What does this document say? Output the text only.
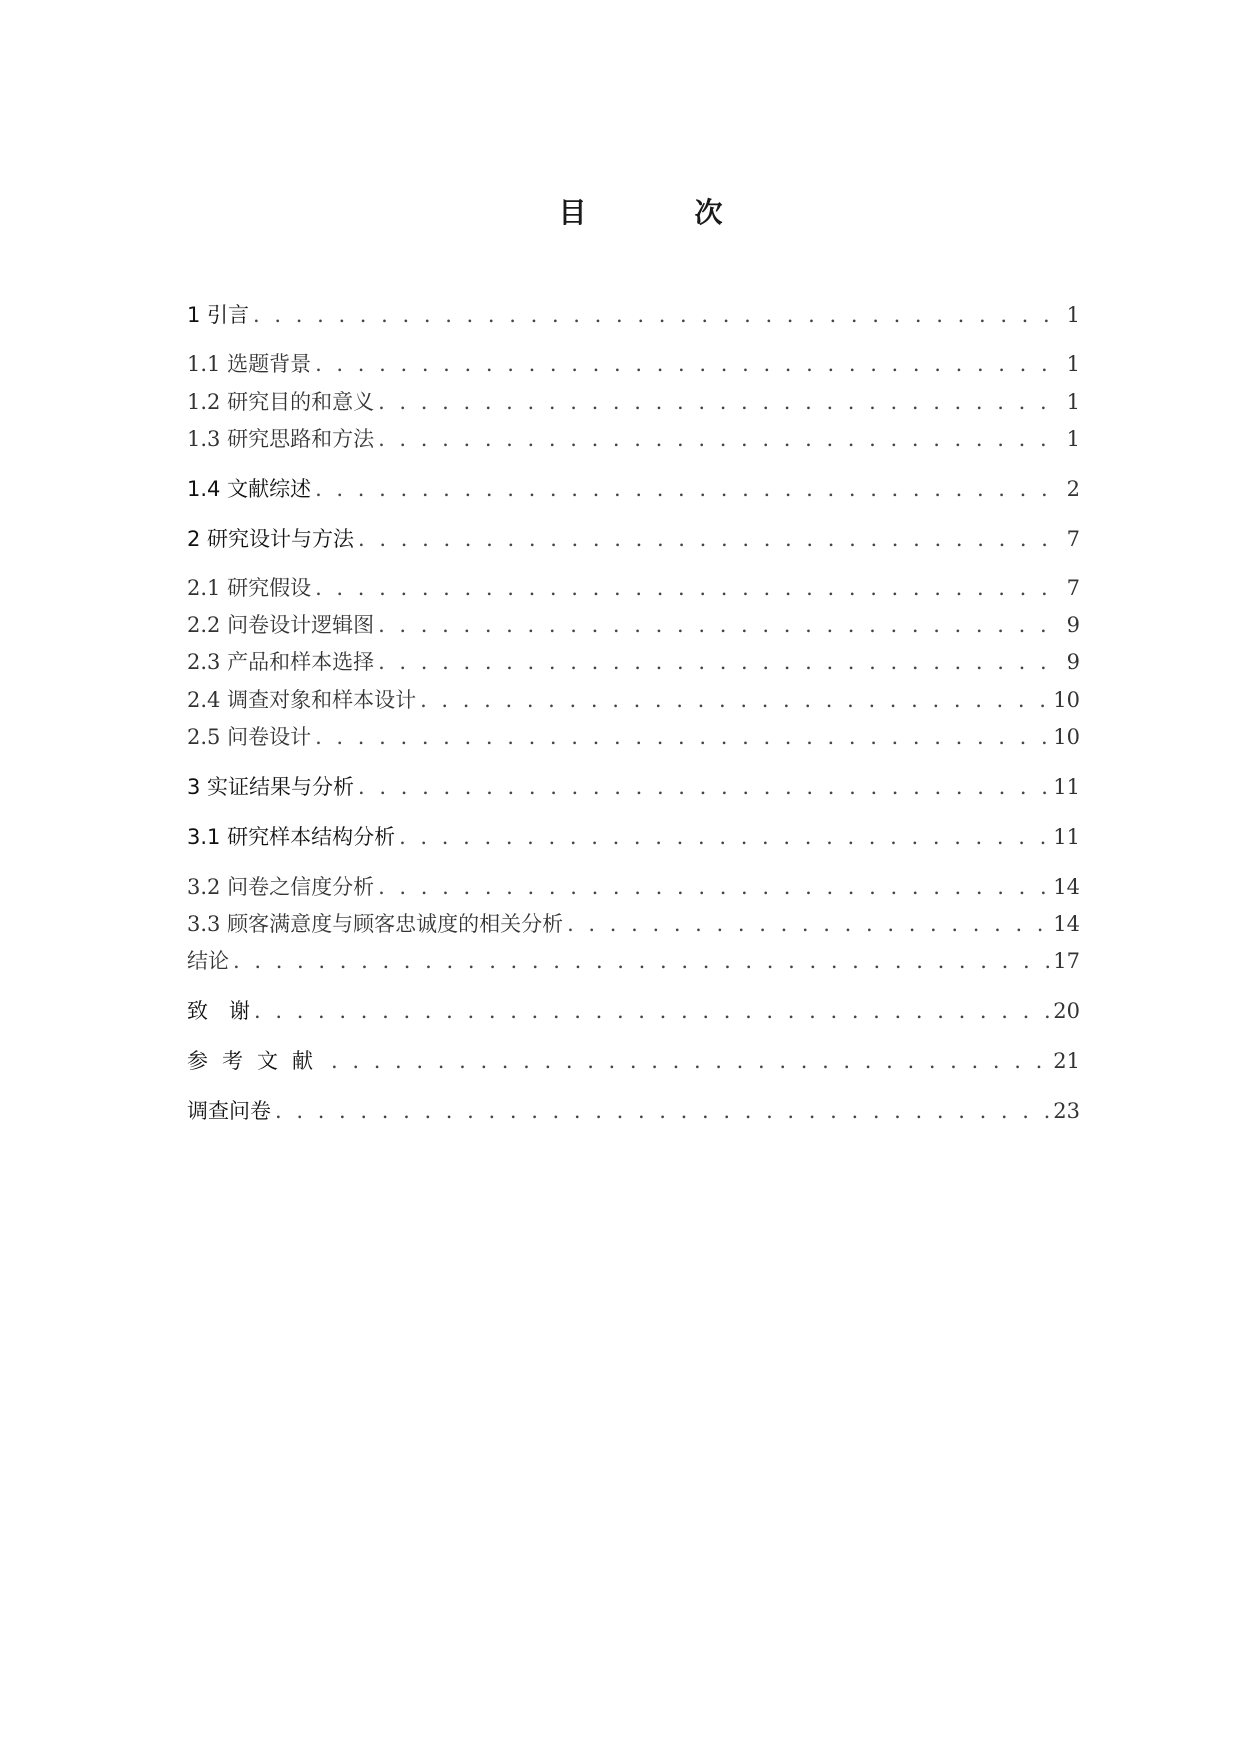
目　次
1 引言 . . .	1
1.1 选题背景 . . .	1
1.2 研究目的和意义 . . .	1
1.3 研究思路和方法 . . .	1
1.4 文献综述 . . .	2
2 研究设计与方法 . . .	7
2.1 研究假设 . . .	7
2.2 问卷设计逻辑图 . . .	9
2.3 产品和样本选择 . . .	9
2.4 调查对象和样本设计 . . .	10
2.5 问卷设计 . . .	10
3 实证结果与分析 . . .	11
3.1 研究样本结构分析 . . .	11
3.2 问卷之信度分析 . . .	14
3.3 顾客满意度与顾客忠诚度的相关分析 . . .	14
结论 . . .	17
致　谢 . . .	20
参考文献 . . .	21
调查问卷 . . .	23
